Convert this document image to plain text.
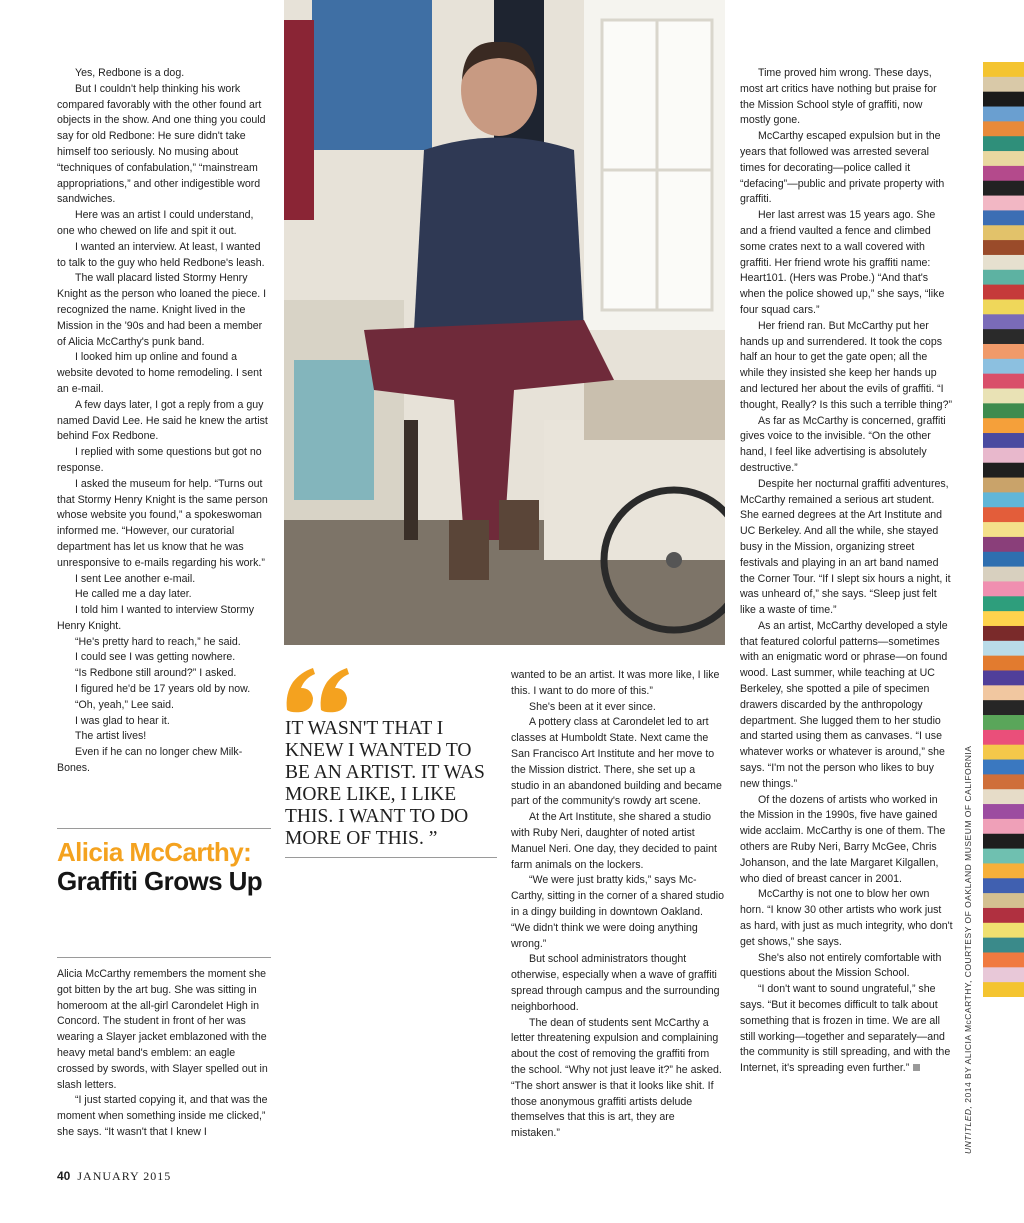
Yes, Redbone is a dog.

But I couldn't help thinking his work compared favorably with the other found art objects in the show. And one thing you could say for old Redbone: He sure didn't take himself too seriously. No musing about “techniques of confabulation,” “mainstream appropriations,” and other indigestible word sandwiches.

Here was an artist I could understand, one who chewed on life and spit it out.

I wanted an interview. At least, I wanted to talk to the guy who held Redbone's leash.

The wall placard listed Stormy Henry Knight as the person who loaned the piece. I recognized the name. Knight lived in the Mission in the '90s and had been a member of Alicia McCarthy's punk band.

I looked him up online and found a website devoted to home remodeling. I sent an e-mail.

A few days later, I got a reply from a guy named David Lee. He said he knew the artist behind Fox Redbone.

I replied with some questions but got no response.

I asked the museum for help. “Turns out that Stormy Henry Knight is the same person whose website you found,” a spokeswoman informed me. “However, our curatorial department has let us know that he was unresponsive to e-mails regarding his work.”

I sent Lee another e-mail.

He called me a day later.

I told him I wanted to interview Stormy Henry Knight.

“He's pretty hard to reach,” he said.

I could see I was getting nowhere.

“Is Redbone still around?” I asked.

I figured he'd be 17 years old by now.

“Oh, yeah,” Lee said.

I was glad to hear it.

The artist lives!

Even if he can no longer chew Milk-Bones.

Alicia McCarthy:
Graffiti Grows Up

Alicia McCarthy remembers the moment she got bitten by the art bug. She was sitting in homeroom at the all-girl Carondelet High in Concord. The student in front of her was wearing a Slayer jacket emblazoned with the heavy metal band's emblem: an eagle crossed by swords, with Slayer spelled out in slash letters.

“I just started copying it, and that was the moment when something inside me clicked,” she says. “It wasn't that I knew I

IT WASN'T THAT I KNEW I WANTED TO BE AN ARTIST. IT WAS MORE LIKE, I LIKE THIS. I WANT TO DO MORE OF THIS. ”

wanted to be an artist. It was more like, I like this. I want to do more of this.”

She's been at it ever since.

A pottery class at Carondelet led to art classes at Humboldt State. Next came the San Francisco Art Institute and her move to the Mission district. There, she set up a studio in an abandoned building and became part of the community's rowdy art scene.

At the Art Institute, she shared a studio with Ruby Neri, daughter of noted artist Manuel Neri. One day, they decided to paint farm animals on the lockers.

“We were just bratty kids,” says McCarthy, sitting in the corner of a shared studio in a dingy building in downtown Oakland. “We didn't think we were doing anything wrong.”

But school administrators thought otherwise, especially when a wave of graffiti spread through campus and the surrounding neighborhood.

The dean of students sent McCarthy a letter threatening expulsion and complaining about the cost of removing the graffiti from the school. “Why not just leave it?” he asked. “The short answer is that it looks like shit. If those anonymous graffiti artists delude themselves that this is art, they are mistaken.”

Time proved him wrong. These days, most art critics have nothing but praise for the Mission School style of graffiti, now mostly gone.

McCarthy escaped expulsion but in the years that followed was arrested several times for decorating—police called it “defacing”—public and private property with graffiti.

Her last arrest was 15 years ago. She and a friend vaulted a fence and climbed some crates next to a wall covered with graffiti. Her friend wrote his graffiti name: Heart101. (Hers was Probe.) “And that's when the police showed up,” she says, “like four squad cars.”

Her friend ran. But McCarthy put her hands up and surrendered. It took the cops half an hour to get the gate open; all the while they insisted she keep her hands up and lectured her about the evils of graffiti. “I thought, Really? Is this such a terrible thing?”

As far as McCarthy is concerned, graffiti gives voice to the invisible. “On the other hand, I feel like advertising is absolutely destructive.”

Despite her nocturnal graffiti adventures, McCarthy remained a serious art student. She earned degrees at the Art Institute and UC Berkeley. And all the while, she stayed busy in the Mission, organizing street festivals and playing in an art band named the Corner Tour. “If I slept six hours a night, it was unheard of,” she says. “Sleep just felt like a waste of time.”

As an artist, McCarthy developed a style that featured colorful patterns—sometimes with an enigmatic word or phrase—on found wood. Last summer, while teaching at UC Berkeley, she spotted a pile of specimen drawers discarded by the anthropology department. She lugged them to her studio and started using them as canvases. “I use whatever works or whatever is around,” she says. “I'm not the person who likes to buy new things.”

Of the dozens of artists who worked in the Mission in the 1990s, five have gained wide acclaim. McCarthy is one of them. The others are Ruby Neri, Barry McGee, Chris Johanson, and the late Margaret Kilgallen, who died of breast cancer in 2001.

McCarthy is not one to blow her own horn. “I know 30 other artists who work just as hard, with just as much integrity, who don't get shows,” she says.

She's also not entirely comfortable with questions about the Mission School.

“I don't want to sound ungrateful,” she says. “But it becomes difficult to talk about something that is frozen in time. We are all still working—together and separately—and the community is still spreading, and with the Internet, it's spreading even further.”

UNTITLED, 2014 BY ALICIA McCARTHY, COURTESY OF OAKLAND MUSEUM OF CALIFORNIA
40 JANUARY 2015
